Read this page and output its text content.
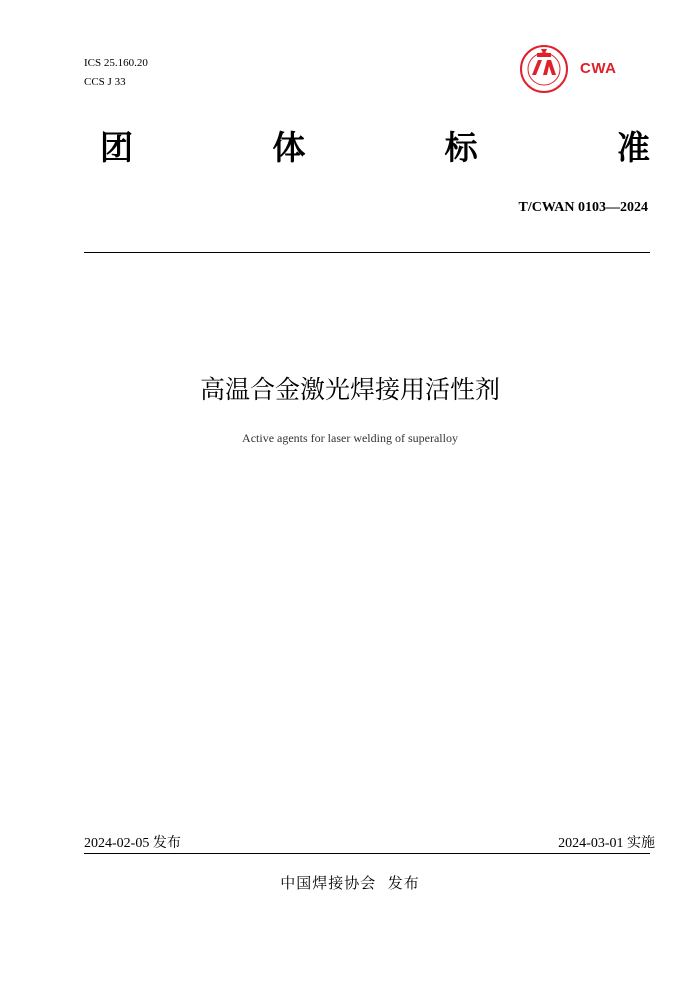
ICS 25.160.20
CCS J 33
CWA
团	体	标	准
T/CWAN 0103—2024
高温合金激光焊接用活性剂
Active agents for laser welding of superalloy
2024-02-05 发布	2024-03-01 实施
中国焊接协会  发布
